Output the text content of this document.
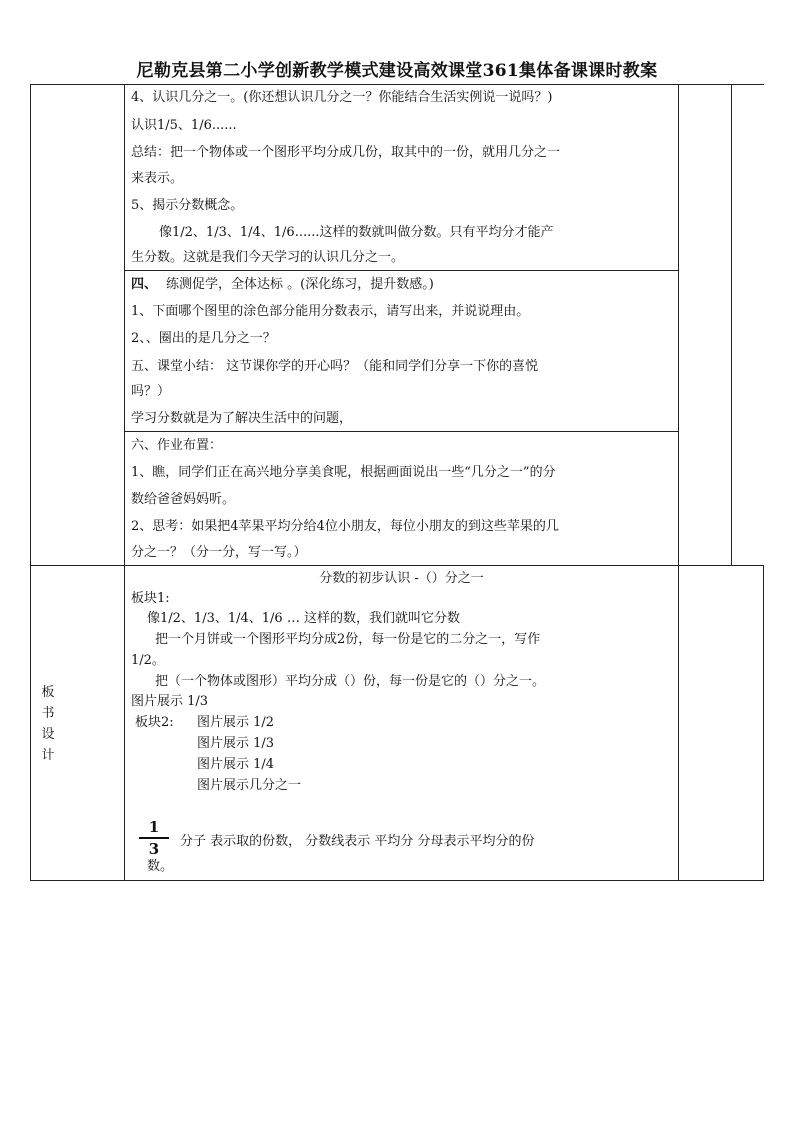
尼勒克县第二小学创新教学模式建设高效课堂361集体备课课时教案
4、认识几分之一。(你还想认识几分之一？你能结合生活实例说一说吗？)
认识1/5、1/6......
总结：把一个物体或一个图形平均分成几份，取其中的一份，就用几分之一
来表示。
5、揭示分数概念。
像1/2、1/3、1/4、1/6......这样的数就叫做分数。只有平均分才能产
生分数。这就是我们今天学习的认识几分之一。
四、 练测促学，全体达标 。(深化练习，提升数感。)
1、下面哪个图里的涂色部分能用分数表示，请写出来，并说说理由。
2、、圈出的是几分之一？
五、课堂小结： 这节课你学的开心吗？（能和同学们分享一下你的喜悦
吗？）
学习分数就是为了解决生活中的问题，
六、作业布置：
1、瞧，同学们正在高兴地分享美食呢，根据画面说出一些“几分之一”的分
数给爸爸妈妈听。
2、思考：如果把4苹果平均分给4位小朋友，每位小朋友的到这些苹果的几
分之一？（分一分，写一写。）
板
书
设
计
分数的初步认识 -（）分之一
板块1:
像1/2、1/3、1/4、1/6 … 这样的数，我们就叫它分数
把一个月饼或一个图形平均分成2份，每一份是它的二分之一，写作
1/2。
把（一个物体或图形）平均分成（）份，每一份是它的（）分之一。
图片展示 1/3
板块2: 图片展示 1/2
图片展示 1/3
图片展示 1/4
图片展示几分之一
1
3	分子 表示取的份数， 分数线表示 平均分 分母表示平均分的份
数。
